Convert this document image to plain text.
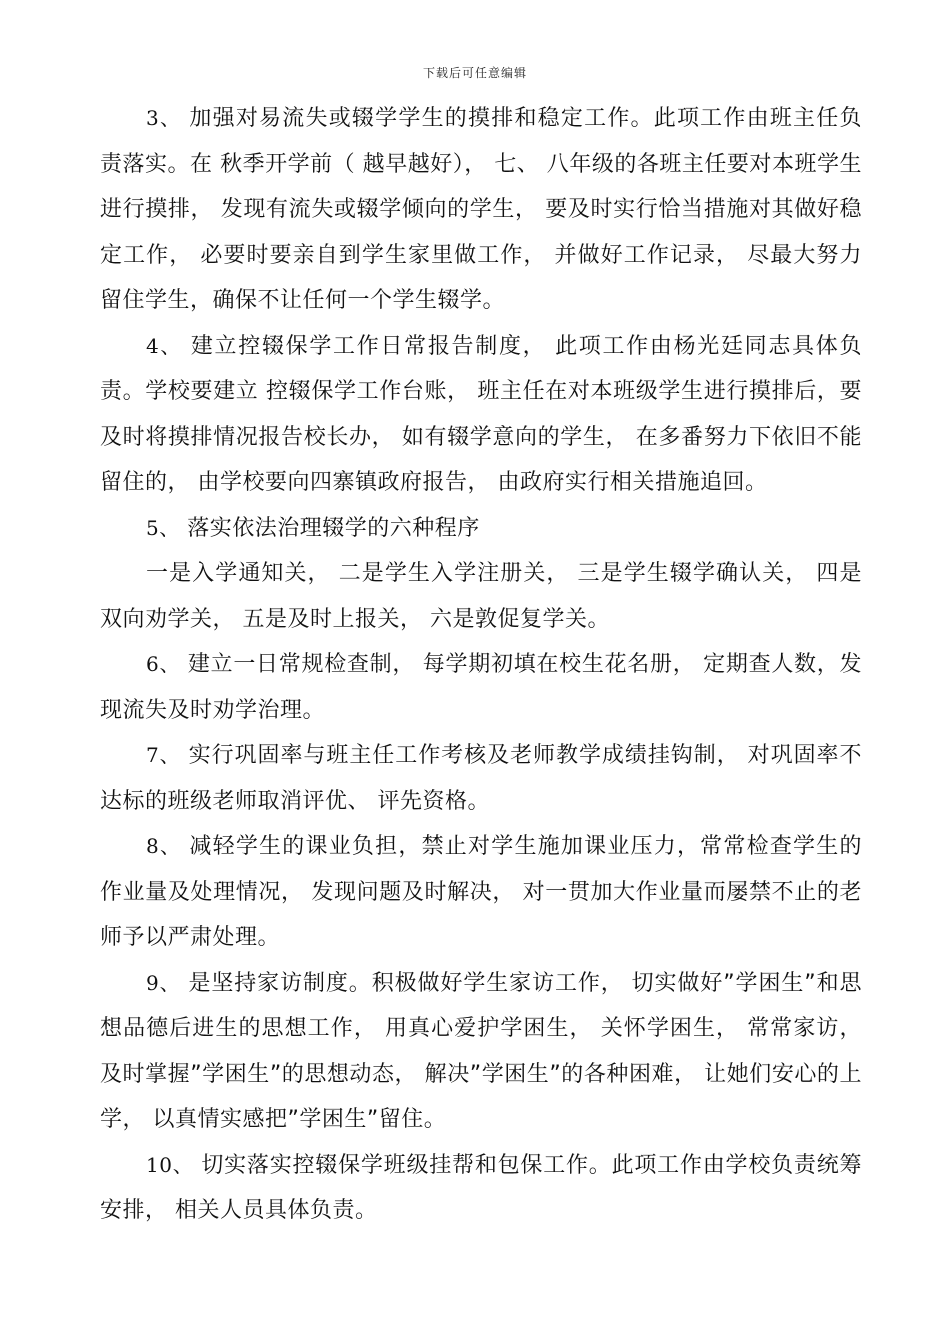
下载后可任意编辑

3、 加强对易流失或辍学学生的摸排和稳定工作。此项工作由班主任负责落实。在 秋季开学前（ 越早越好）， 七、 八年级的各班主任要对本班学生进行摸排， 发现有流失或辍学倾向的学生， 要及时实行恰当措施对其做好稳定工作， 必要时要亲自到学生家里做工作， 并做好工作记录， 尽最大努力留住学生，确保不让任何一个学生辍学。

4、 建立控辍保学工作日常报告制度， 此项工作由杨光廷同志具体负责。学校要建立 控辍保学工作台账， 班主任在对本班级学生进行摸排后，要及时将摸排情况报告校长办， 如有辍学意向的学生， 在多番努力下依旧不能留住的， 由学校要向四寨镇政府报告， 由政府实行相关措施追回。

5、 落实依法治理辍学的六种程序

一是入学通知关， 二是学生入学注册关， 三是学生辍学确认关， 四是双向劝学关， 五是及时上报关， 六是敦促复学关。

6、 建立一日常规检查制， 每学期初填在校生花名册， 定期查人数，发现流失及时劝学治理。

7、 实行巩固率与班主任工作考核及老师教学成绩挂钩制， 对巩固率不达标的班级老师取消评优、 评先资格。

8、 减轻学生的课业负担，禁止对学生施加课业压力，常常检查学生的作业量及处理情况， 发现问题及时解决， 对一贯加大作业量而屡禁不止的老师予以严肃处理。

9、 是坚持家访制度。积极做好学生家访工作， 切实做好”学困生”和思想品德后进生的思想工作， 用真心爱护学困生， 关怀学困生， 常常家访， 及时掌握”学困生”的思想动态， 解决”学困生”的各种困难， 让她们安心的上学， 以真情实感把”学困生”留住。

10、 切实落实控辍保学班级挂帮和包保工作。此项工作由学校负责统筹安排， 相关人员具体负责。
